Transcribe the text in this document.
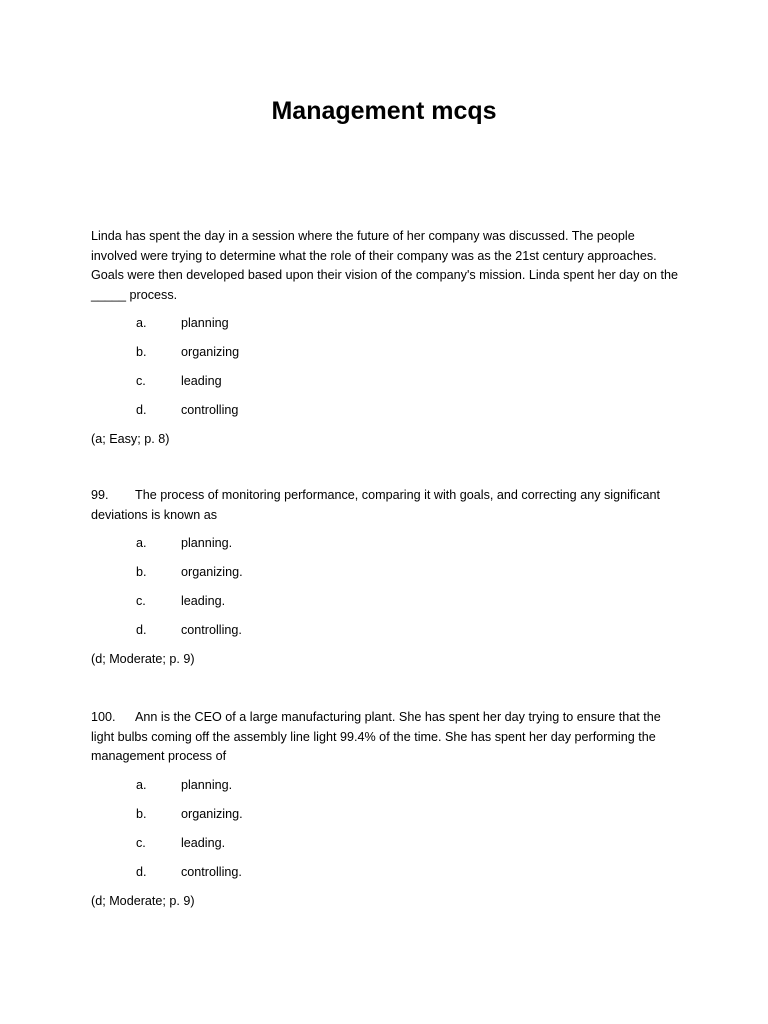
Management mcqs

Linda has spent the day in a session where the future of her company was discussed. The people involved were trying to determine what the role of their company was as the 21st century approaches. Goals were then developed based upon their vision of the company's mission. Linda spent her day on the _____ process.

a.	planning
b.	organizing
c.	leading
d.	controlling
(a; Easy; p. 8)

99. The process of monitoring performance, comparing it with goals, and correcting any significant deviations is known as

a.	planning.
b.	organizing.
c.	leading.
d.	controlling.
(d; Moderate; p. 9)

100. Ann is the CEO of a large manufacturing plant. She has spent her day trying to ensure that the light bulbs coming off the assembly line light 99.4% of the time. She has spent her day performing the management process of

a.	planning.
b.	organizing.
c.	leading.
d.	controlling.
(d; Moderate; p. 9)
